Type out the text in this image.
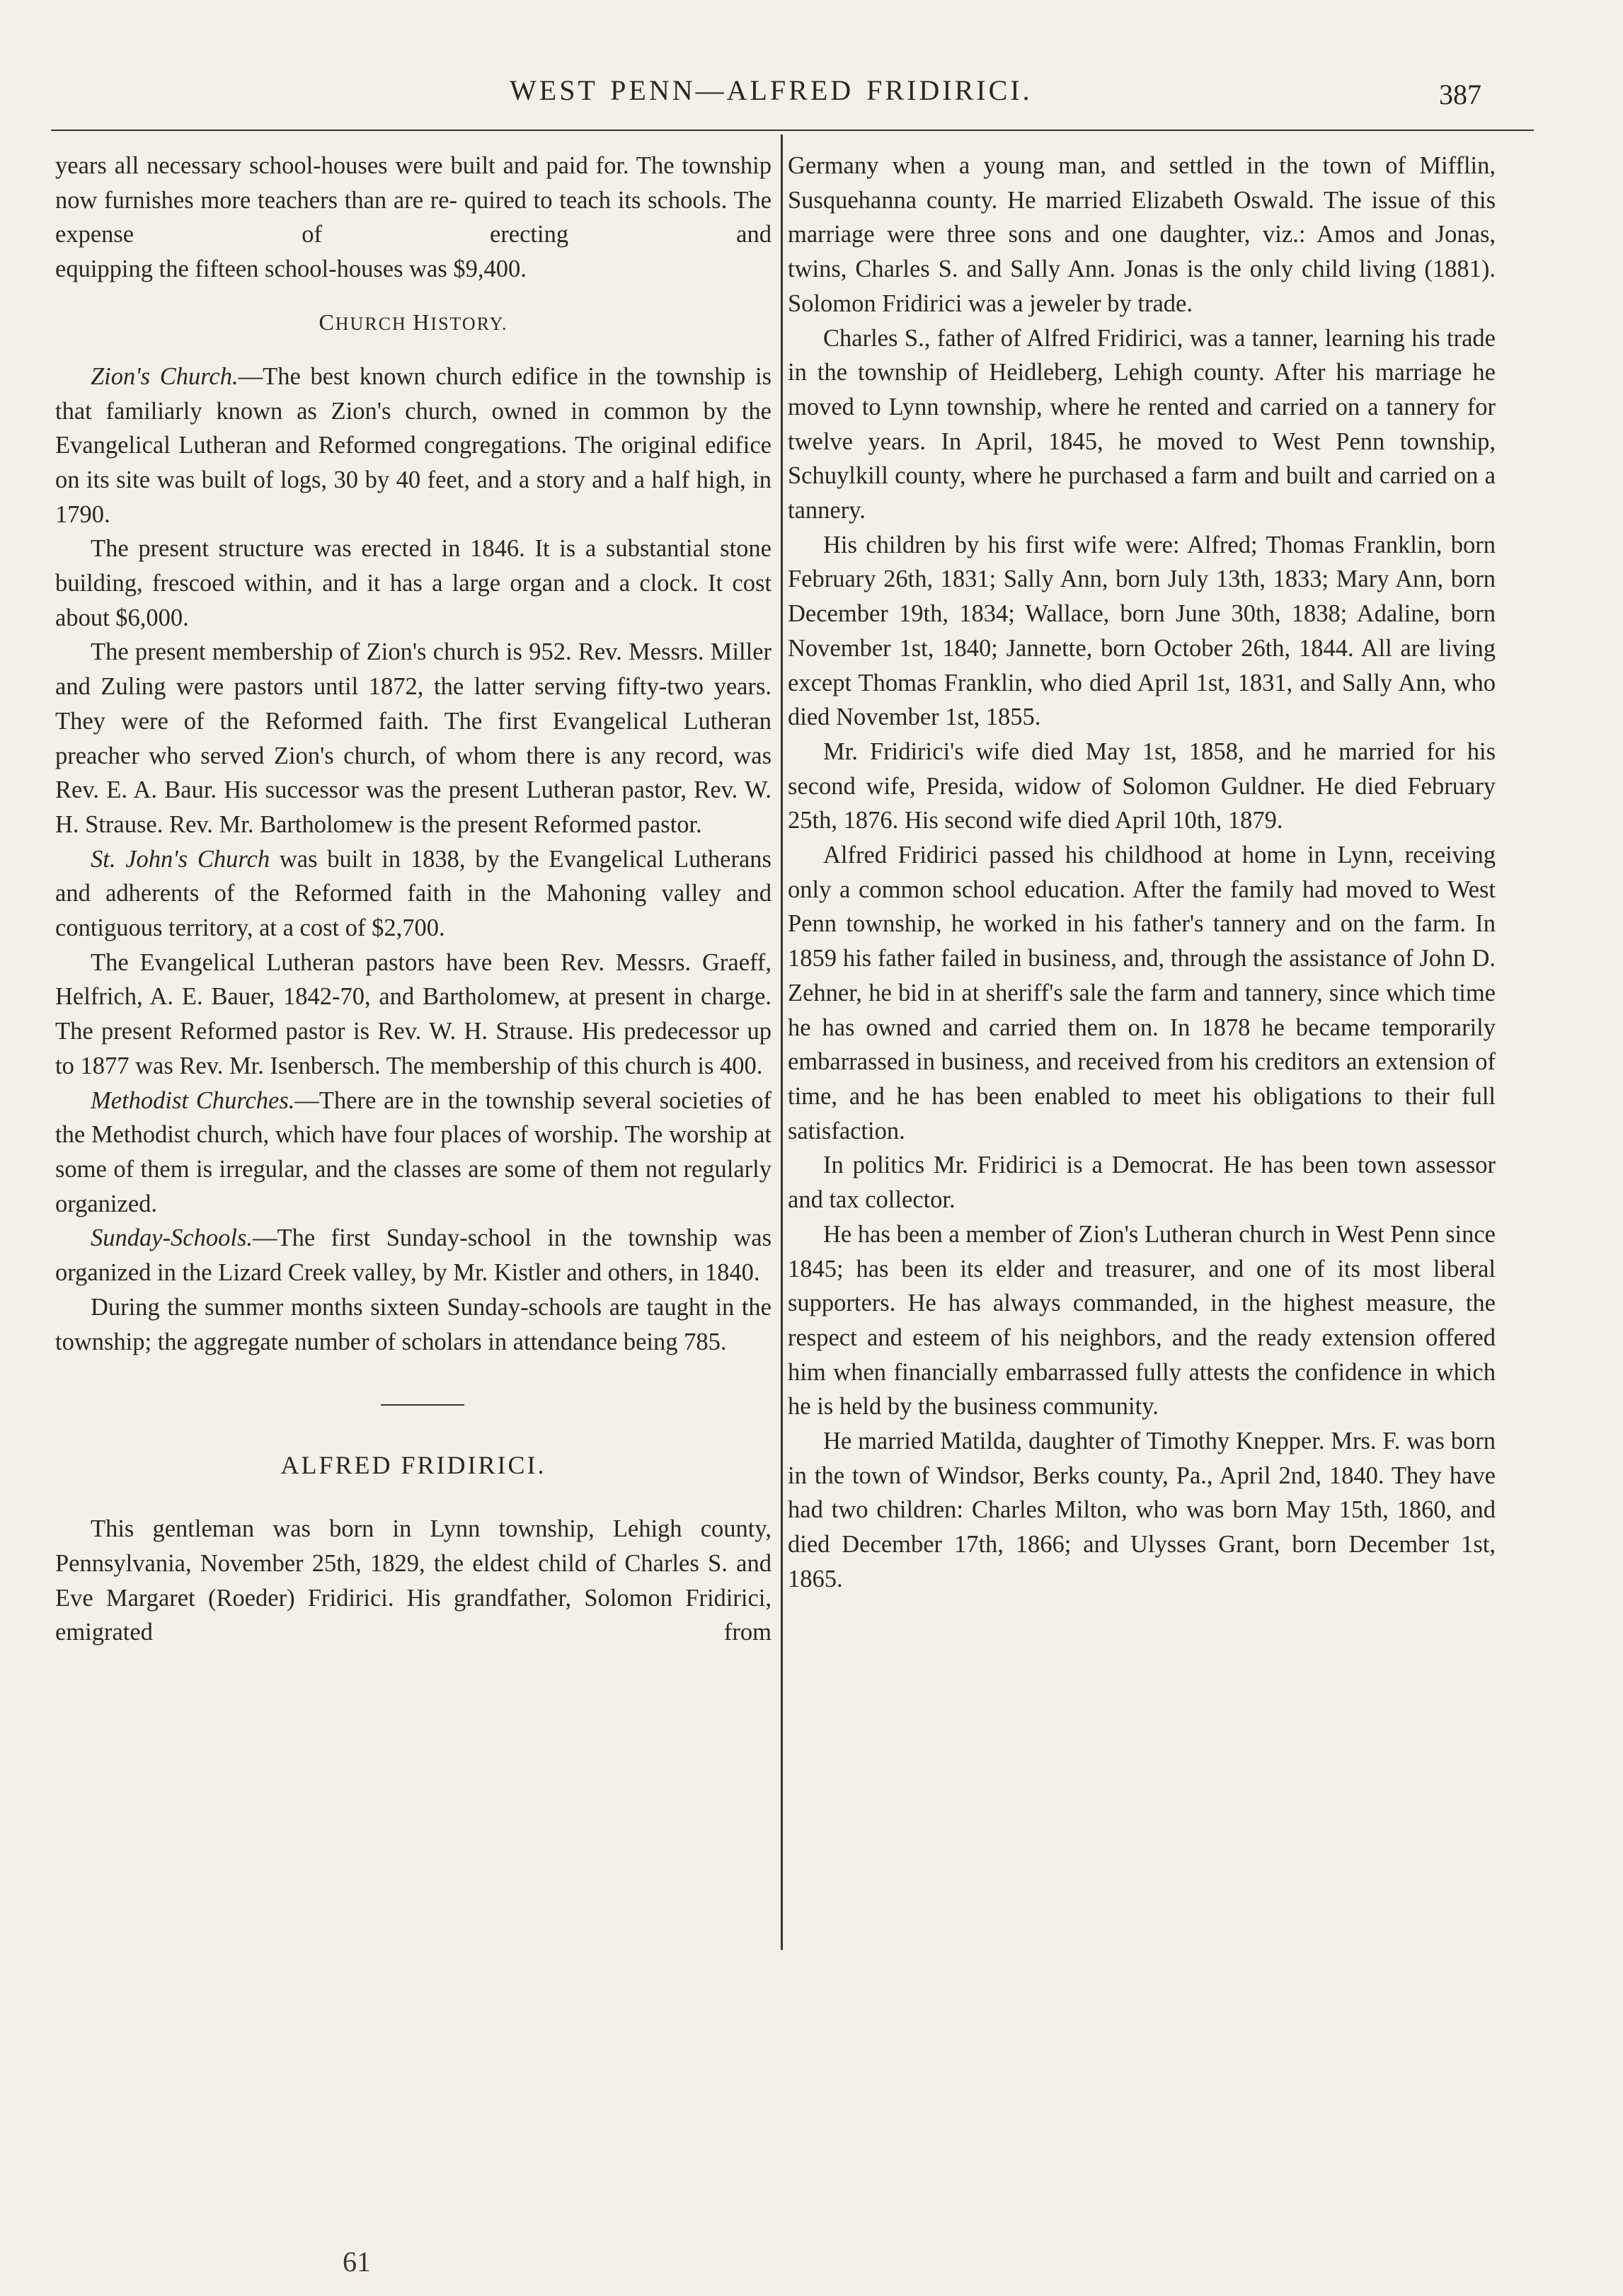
WEST PENN—ALFRED FRIDIRICI.	387

years all necessary school-houses were built and paid for. The township now furnishes more teachers than are re- quired to teach its schools. The expense of erecting and

equipping the fifteen school-houses was $9,400.

CHURCH HISTORY.

Zion's Church.—The best known church edifice in the township is that familiarly known as Zion's church, owned in common by the Evangelical Lutheran and Reformed congregations. The original edifice on its site was built of logs, 30 by 40 feet, and a story and a half high, in 1790.

The present structure was erected in 1846. It is a substantial stone building, frescoed within, and it has a large organ and a clock. It cost about $6,000.

The present membership of Zion's church is 952. Rev. Messrs. Miller and Zuling were pastors until 1872, the latter serving fifty-two years. They were of the Reformed faith. The first Evangelical Lutheran preacher who served Zion's church, of whom there is any record, was Rev. E. A. Baur. His successor was the present Lutheran pastor, Rev. W. H. Strause. Rev. Mr. Bartholomew is the present Reformed pastor.

St. John's Church was built in 1838, by the Evangelical Lutherans and adherents of the Reformed faith in the Mahoning valley and contiguous territory, at a cost of $2,700.

The Evangelical Lutheran pastors have been Rev. Messrs. Graeff, Helfrich, A. E. Bauer, 1842-70, and Bartholomew, at present in charge. The present Reformed pastor is Rev. W. H. Strause. His predecessor up to 1877 was Rev. Mr. Isenbersch. The membership of this church is 400.

Methodist Churches.—There are in the township several societies of the Methodist church, which have four places of worship. The worship at some of them is irregular, and the classes are some of them not regularly organized.

Sunday-Schools.—The first Sunday-school in the township was organized in the Lizard Creek valley, by Mr. Kistler and others, in 1840.

During the summer months sixteen Sunday-schools are taught in the township; the aggregate number of scholars in attendance being 785.

ALFRED FRIDIRICI.

This gentleman was born in Lynn township, Lehigh county, Pennsylvania, November 25th, 1829, the eldest child of Charles S. and Eve Margaret (Roeder) Fridirici. His grandfather, Solomon Fridirici, emigrated from

Germany when a young man, and settled in the town of Mifflin, Susquehanna county. He married Elizabeth Oswald. The issue of this marriage were three sons and one daughter, viz.: Amos and Jonas, twins, Charles S. and Sally Ann. Jonas is the only child living (1881). Solomon Fridirici was a jeweler by trade.

Charles S., father of Alfred Fridirici, was a tanner, learning his trade in the township of Heidleberg, Lehigh county. After his marriage he moved to Lynn township, where he rented and carried on a tannery for twelve years. In April, 1845, he moved to West Penn township, Schuylkill county, where he purchased a farm and built and carried on a tannery.

His children by his first wife were: Alfred; Thomas Franklin, born February 26th, 1831; Sally Ann, born July 13th, 1833; Mary Ann, born December 19th, 1834; Wallace, born June 30th, 1838; Adaline, born November 1st, 1840; Jannette, born October 26th, 1844. All are living except Thomas Franklin, who died April 1st, 1831, and Sally Ann, who died November 1st, 1855.

Mr. Fridirici's wife died May 1st, 1858, and he married for his second wife, Presida, widow of Solomon Guldner. He died February 25th, 1876. His second wife died April 10th, 1879.

Alfred Fridirici passed his childhood at home in Lynn, receiving only a common school education. After the family had moved to West Penn township, he worked in his father's tannery and on the farm. In 1859 his father failed in business, and, through the assistance of John D. Zehner, he bid in at sheriff's sale the farm and tannery, since which time he has owned and carried them on. In 1878 he became temporarily embarrassed in business, and received from his creditors an extension of time, and he has been enabled to meet his obligations to their full satisfaction.

In politics Mr. Fridirici is a Democrat. He has been town assessor and tax collector.

He has been a member of Zion's Lutheran church in West Penn since 1845; has been its elder and treasurer, and one of its most liberal supporters. He has always commanded, in the highest measure, the respect and esteem of his neighbors, and the ready extension offered him when financially embarrassed fully attests the confidence in which he is held by the business community.

He married Matilda, daughter of Timothy Knepper. Mrs. F. was born in the town of Windsor, Berks county, Pa., April 2nd, 1840. They have had two children: Charles Milton, who was born May 15th, 1860, and died December 17th, 1866; and Ulysses Grant, born December 1st, 1865.

61
